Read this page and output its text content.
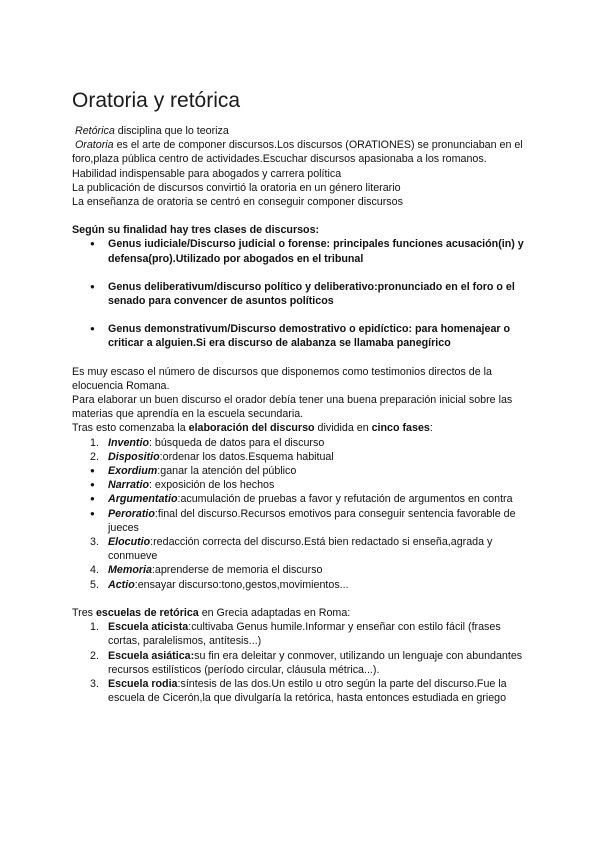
Oratoria y retórica

Retórica disciplina que lo teoriza

Oratoria es el arte de componer discursos.Los discursos (ORATIONES) se pronunciaban en el foro,plaza pública centro de actividades.Escuchar discursos apasionaba a los romanos.

Habilidad indispensable para abogados y carrera política

La publicación de discursos convirtió la oratoria en un género literario

La enseñanza de oratoria se centró en conseguir componer discursos

Según su finalidad hay tres clases de discursos:

● Genus iudiciale/Discurso judicial o forense: principales funciones acusación(in) y defensa(pro).Utilizado por abogados en el tribunal
● Genus deliberativum/discurso político y deliberativo:pronunciado en el foro o el senado para convencer de asuntos políticos
● Genus demonstrativum/Discurso demostrativo o epidíctico: para homenajear o criticar a alguien.Si era discurso de alabanza se llamaba panegírico

Es muy escaso el número de discursos que disponemos como testimonios directos de la elocuencia Romana.

Para elaborar un buen discurso el orador debía tener una buena preparación inicial sobre las materias que aprendía en la escuela secundaria.

Tras esto comenzaba la elaboración del discurso dividida en cinco fases:

1. Inventio: búsqueda de datos para el discurso
2. Dispositio:ordenar los datos.Esquema habitual
●	Exordium:ganar la atención del público
●	Narratio: exposición de los hechos
●	Argumentatio:acumulación de pruebas a favor y refutación de argumentos en contra
●	Peroratio:final del discurso.Recursos emotivos para conseguir sentencia favorable de jueces
3. Elocutio:redacción correcta del discurso.Está bien redactado si enseña,agrada y conmueve
4. Memoria:aprenderse de memoria el discurso
5. Actio:ensayar discurso:tono,gestos,movimientos...

Tres escuelas de retórica en Grecia adaptadas en Roma:

1. Escuela aticista:cultivaba Genus humile.Informar y enseñar con estilo fácil (frases cortas, paralelismos, antítesis...)
2. Escuela asiática:su fin era deleitar y conmover, utilizando un lenguaje con abundantes recursos estilísticos (período circular, cláusula métrica...).
3. Escuela rodia:síntesis de las dos.Un estilo u otro según la parte del discurso.Fue la escuela de Cicerón,la que divulgaría la retórica, hasta entonces estudiada en griego
